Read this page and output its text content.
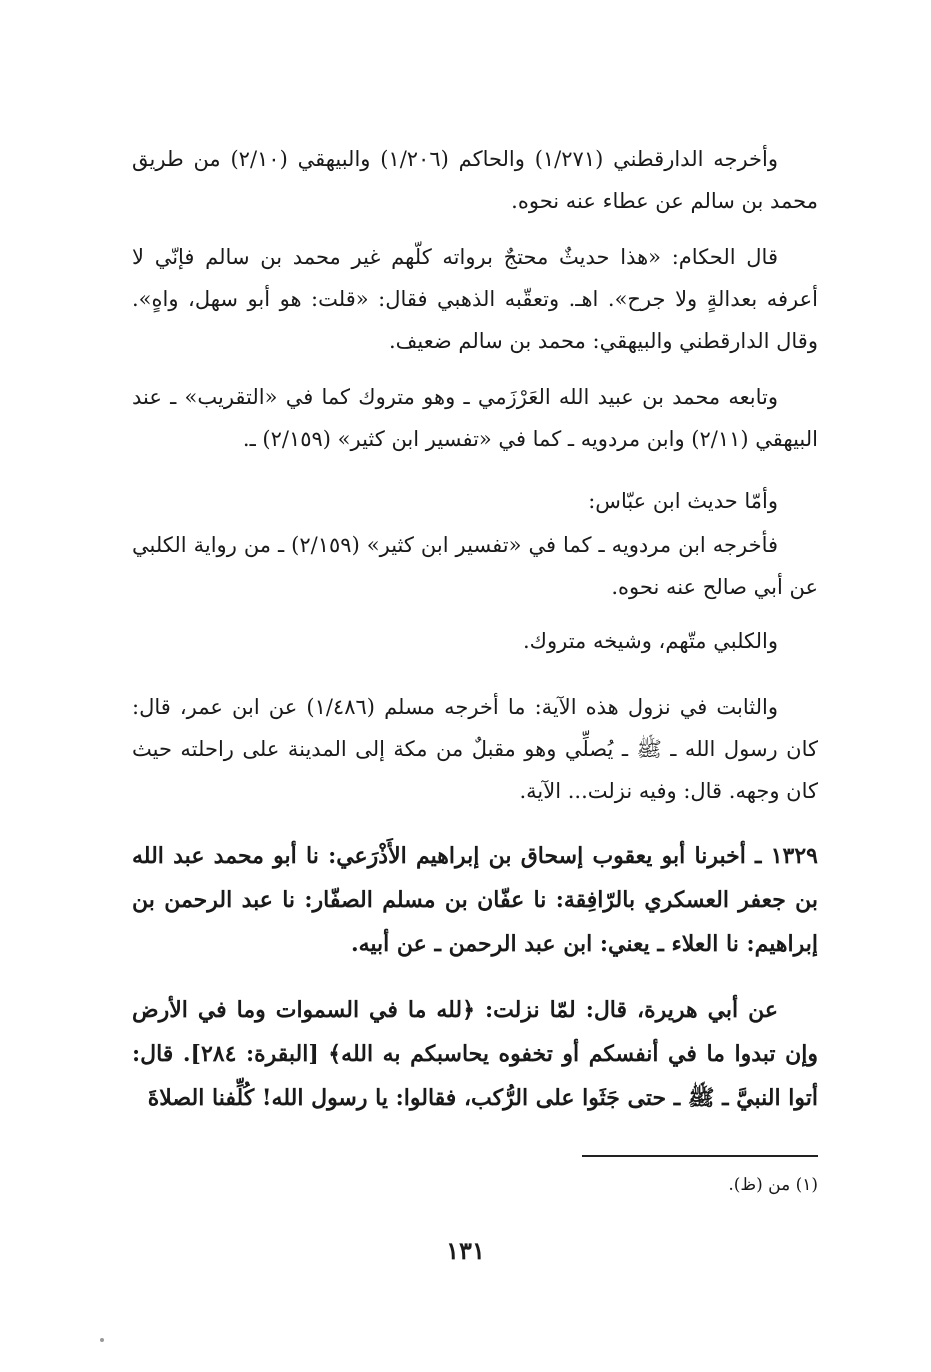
وأخرجه الدارقطني (١/٢٧١) والحاكم (١/٢٠٦) والبيهقي (٢/١٠) من طريق محمد بن سالم عن عطاء عنه نحوه.

قال الحكام: «هذا حديثٌ محتجٌ برواته كلّهم غير محمد بن سالم فإنّي لا أعرفه بعدالةٍ ولا جرح». اهـ. وتعقّبه الذهبي فقال: «قلت: هو أبو سهل، واهٍ». وقال الدارقطني والبيهقي: محمد بن سالم ضعيف.

وتابعه محمد بن عبيد الله العَرْزَمي ـ وهو متروك كما في «التقريب» ـ عند البيهقي (٢/١١) وابن مردويه ـ كما في «تفسير ابن كثير» (٢/١٥٩) ـ.

وأمّا حديث ابن عبّاس:

فأخرجه ابن مردويه ـ كما في «تفسير ابن كثير» (٢/١٥٩) ـ من رواية الكلبي عن أبي صالح عنه نحوه.

والكلبي متّهم، وشيخه متروك.

والثابت في نزول هذه الآية: ما أخرجه مسلم (١/٤٨٦) عن ابن عمر، قال: كان رسول الله ـ ﷺ ـ يُصلِّي وهو مقبلٌ من مكة إلى المدينة على راحلته حيث كان وجهه. قال: وفيه نزلت... الآية.

١٣٢٩ ـ أخبرنا أبو يعقوب إسحاق بن إبراهيم الأَذْرَعي: نا أبو محمد عبد الله بن جعفر العسكري بالرّافِقة: نا عفّان بن مسلم الصفّار: نا عبد الرحمن بن إبراهيم: نا العلاء ـ يعني: ابن عبد الرحمن ـ عن أبيه.

عن أبي هريرة، قال: لمّا نزلت: ﴿لله ما في السموات وما في الأرض وإن تبدوا ما في أنفسكم أو تخفوه يحاسبكم به الله﴾ [البقرة: ٢٨٤]. قال: أتوا النبيَّ ـ ﷺ ـ حتى جَثَوا على الرُّكب، فقالوا: يا رسول الله! كُلِّفنا الصلاةَ

(١) من (ظ).
١٣١
